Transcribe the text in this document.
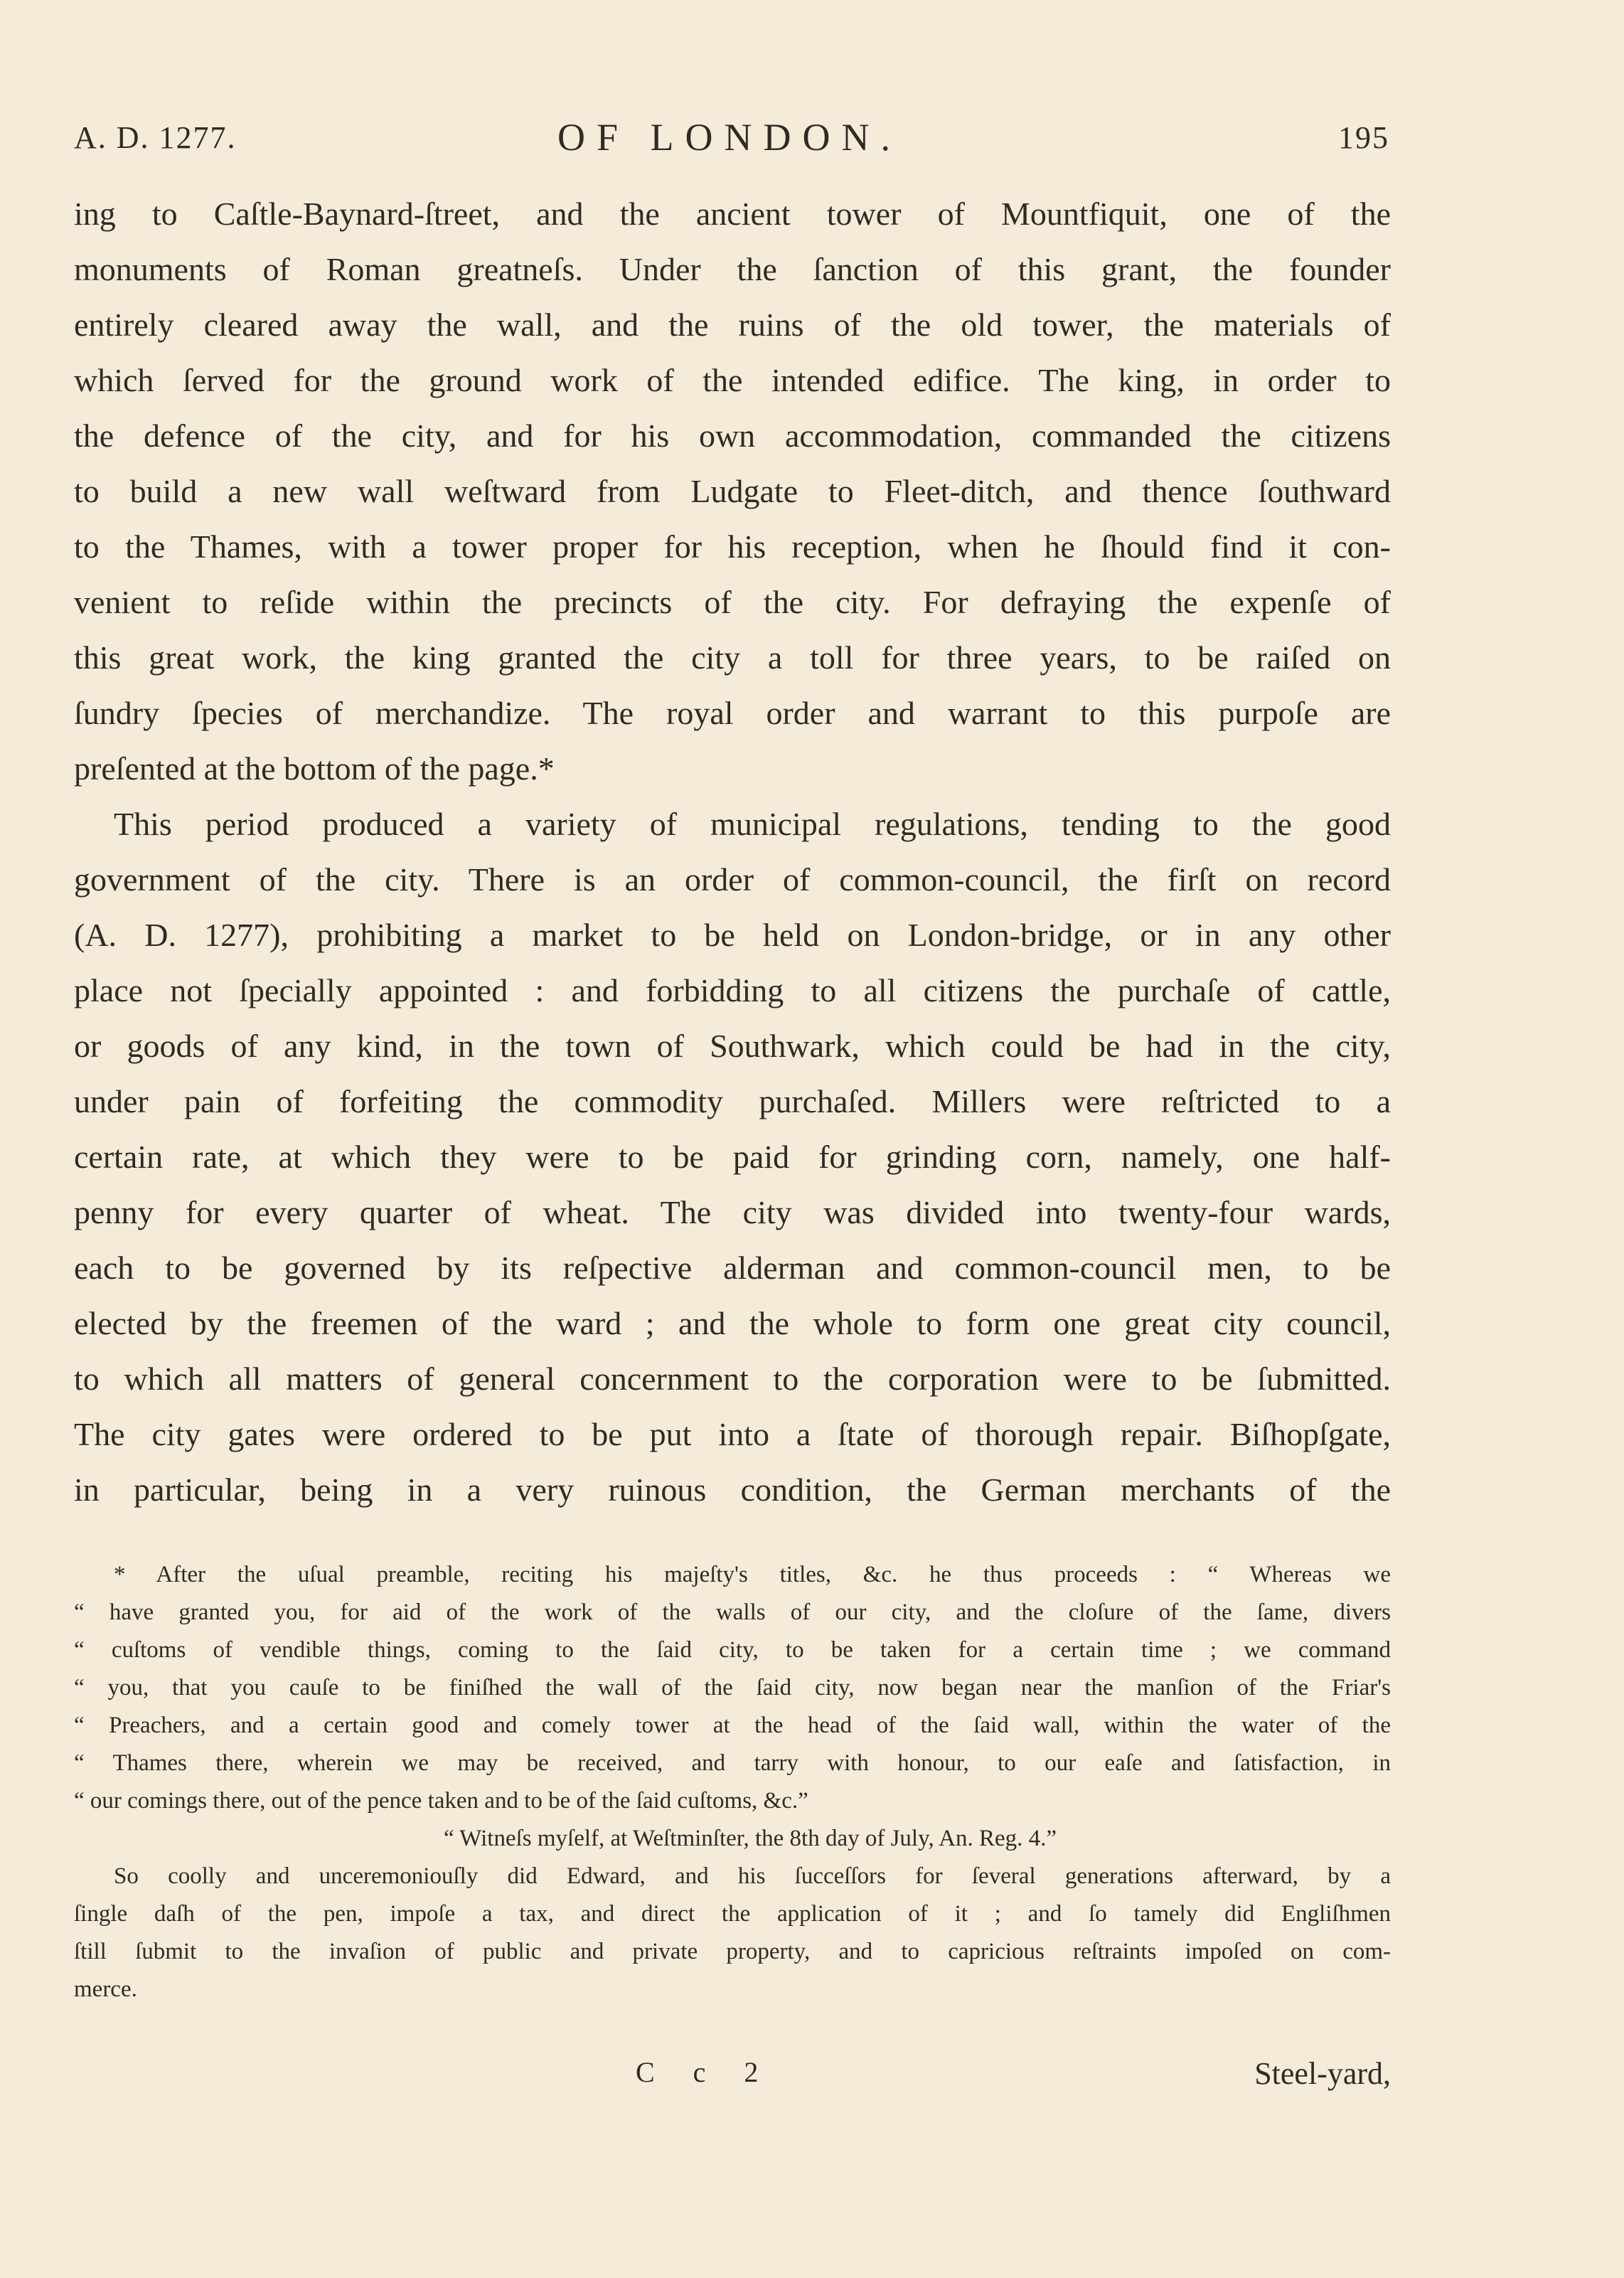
A. D. 1277.	OF LONDON.	195
ing to Caſtle-Baynard-ſtreet, and the ancient tower of Mountfiquit, one of the
monuments of Roman greatneſs. Under the ſanction of this grant, the founder
entirely cleared away the wall, and the ruins of the old tower, the materials of
which ſerved for the ground work of the intended edifice. The king, in order to
the defence of the city, and for his own accommodation, commanded the citizens
to build a new wall weſtward from Ludgate to Fleet-ditch, and thence ſouthward
to the Thames, with a tower proper for his reception, when he ſhould find it con-
venient to reſide within the precincts of the city. For defraying the expenſe of
this great work, the king granted the city a toll for three years, to be raiſed on
ſundry ſpecies of merchandize. The royal order and warrant to this purpoſe are
preſented at the bottom of the page.*
This period produced a variety of municipal regulations, tending to the good
government of the city. There is an order of common-council, the firſt on record
(A. D. 1277), prohibiting a market to be held on London-bridge, or in any other
place not ſpecially appointed : and forbidding to all citizens the purchaſe of cattle,
or goods of any kind, in the town of Southwark, which could be had in the city,
under pain of forfeiting the commodity purchaſed. Millers were reſtricted to a
certain rate, at which they were to be paid for grinding corn, namely, one half-
penny for every quarter of wheat. The city was divided into twenty-four wards,
each to be governed by its reſpective alderman and common-council men, to be
elected by the freemen of the ward ; and the whole to form one great city council,
to which all matters of general concernment to the corporation were to be ſubmitted.
The city gates were ordered to be put into a ſtate of thorough repair. Biſhopſgate,
in particular, being in a very ruinous condition, the German merchants of the
* After the uſual preamble, reciting his majeſty's titles, &c. he thus proceeds : “ Whereas we
“ have granted you, for aid of the work of the walls of our city, and the cloſure of the ſame, divers
“ cuſtoms of vendible things, coming to the ſaid city, to be taken for a certain time ; we command
“ you, that you cauſe to be finiſhed the wall of the ſaid city, now began near the manſion of the Friar's
“ Preachers, and a certain good and comely tower at the head of the ſaid wall, within the water of the
“ Thames there, wherein we may be received, and tarry with honour, to our eaſe and ſatisfaction, in
“ our comings there, out of the pence taken and to be of the ſaid cuſtoms, &c.”
“ Witneſs myſelf, at Weſtminſter, the 8th day of July, An. Reg. 4.”
So coolly and unceremoniouſly did Edward, and his ſucceſſors for ſeveral generations afterward, by a
ſingle daſh of the pen, impoſe a tax, and direct the application of it ; and ſo tamely did Engliſhmen
ſtill ſubmit to the invaſion of public and private property, and to capricious reſtraints impoſed on com-
merce.
C c 2	Steel-yard,
